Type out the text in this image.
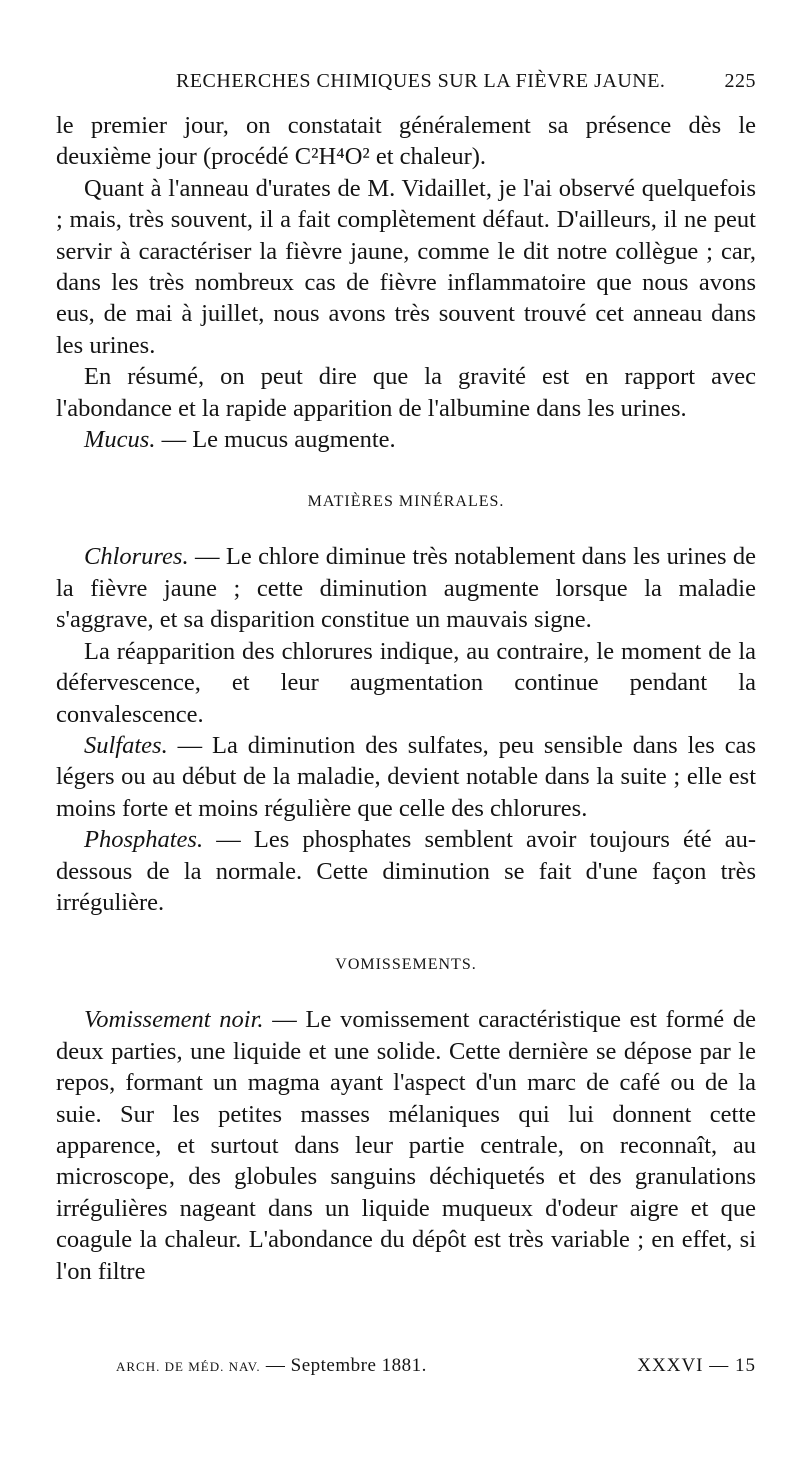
RECHERCHES CHIMIQUES SUR LA FIÈVRE JAUNE.	225

le premier jour, on constatait généralement sa présence dès le deuxième jour (procédé C²H⁴O² et chaleur).

Quant à l'anneau d'urates de M. Vidaillet, je l'ai observé quelquefois ; mais, très souvent, il a fait complètement défaut. D'ailleurs, il ne peut servir à caractériser la fièvre jaune, comme le dit notre collègue ; car, dans les très nombreux cas de fièvre inflammatoire que nous avons eus, de mai à juillet, nous avons très souvent trouvé cet anneau dans les urines.

En résumé, on peut dire que la gravité est en rapport avec l'abondance et la rapide apparition de l'albumine dans les urines.

Mucus. — Le mucus augmente.

MATIÈRES MINÉRALES.

Chlorures. — Le chlore diminue très notablement dans les urines de la fièvre jaune ; cette diminution augmente lorsque la maladie s'aggrave, et sa disparition constitue un mauvais signe.

La réapparition des chlorures indique, au contraire, le moment de la défervescence, et leur augmentation continue pendant la convalescence.

Sulfates. — La diminution des sulfates, peu sensible dans les cas légers ou au début de la maladie, devient notable dans la suite ; elle est moins forte et moins régulière que celle des chlorures.

Phosphates. — Les phosphates semblent avoir toujours été au-dessous de la normale. Cette diminution se fait d'une façon très irrégulière.

VOMISSEMENTS.

Vomissement noir. — Le vomissement caractéristique est formé de deux parties, une liquide et une solide. Cette dernière se dépose par le repos, formant un magma ayant l'aspect d'un marc de café ou de la suie. Sur les petites masses mélaniques qui lui donnent cette apparence, et surtout dans leur partie centrale, on reconnaît, au microscope, des globules sanguins déchiquetés et des granulations irrégulières nageant dans un liquide muqueux d'odeur aigre et que coagule la chaleur. L'abondance du dépôt est très variable ; en effet, si l'on filtre

ARCH. DE MÉD. NAV. — Septembre 1881.	XXXVI — 15
